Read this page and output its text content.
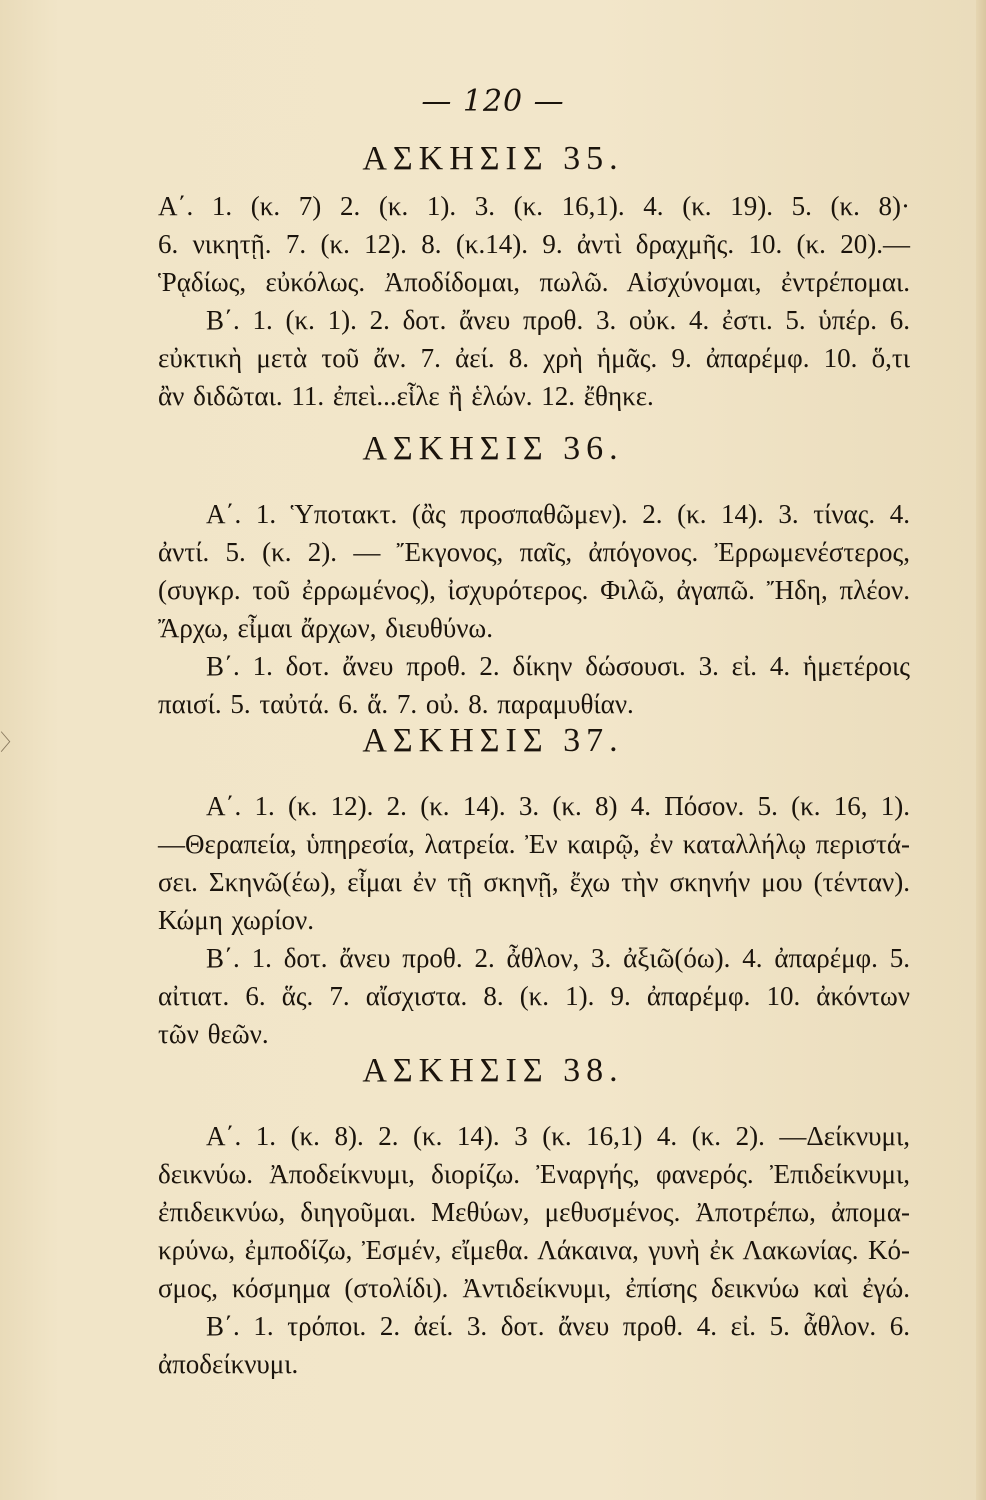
〉
— 120 —
ΑΣΚΗΣΙΣ 35.
Α΄. 1. (κ. 7) 2. (κ. 1). 3. (κ. 16,1). 4. (κ. 19). 5. (κ. 8)·
6. νικητῇ. 7. (κ. 12). 8. (κ.14). 9. ἀντὶ δραχμῆς. 10. (κ. 20).—
Ῥᾳδίως, εὐκόλως. Ἀποδίδομαι, πωλῶ. Αἰσχύνομαι, ἐντρέπομαι.
Β΄. 1. (κ. 1). 2. δοτ. ἄνευ προθ. 3. οὐκ. 4. ἐστι. 5. ὑπέρ. 6.
εὐκτικὴ μετὰ τοῦ ἄν. 7. ἀεί. 8. χρὴ ἡμᾶς. 9. ἀπαρέμφ. 10. ὅ,τι
ἂν διδῶται. 11. ἐπεὶ...εἷλε ἢ ἑλών. 12. ἔθηκε.
ΑΣΚΗΣΙΣ 36.
Α΄. 1. Ὑποτακτ. (ἂς προσπαθῶμεν). 2. (κ. 14). 3. τίνας. 4.
ἀντί. 5. (κ. 2). — Ἔκγονος, παῖς, ἀπόγονος. Ἐρρωμενέστερος,
(συγκρ. τοῦ ἐρρωμένος), ἰσχυρότερος. Φιλῶ, ἀγαπῶ. Ἤδη, πλέον.
Ἄρχω, εἶμαι ἄρχων, διευθύνω.
Β΄. 1. δοτ. ἄνευ προθ. 2. δίκην δώσουσι. 3. εἰ. 4. ἡμετέροις
παισί. 5. ταὐτά. 6. ἅ. 7. οὐ. 8. παραμυθίαν.
ΑΣΚΗΣΙΣ 37.
Α΄. 1. (κ. 12). 2. (κ. 14). 3. (κ. 8) 4. Πόσον. 5. (κ. 16, 1).
—Θεραπεία, ὑπηρεσία, λατρεία. Ἐν καιρῷ, ἐν καταλλήλῳ περιστά-
σει. Σκηνῶ(έω), εἶμαι ἐν τῇ σκηνῇ, ἔχω τὴν σκηνήν μου (τένταν).
Κώμη χωρίον.
Β΄. 1. δοτ. ἄνευ προθ. 2. ἆθλον, 3. ἀξιῶ(όω). 4. ἀπαρέμφ. 5.
αἰτιατ. 6. ἅς. 7. αἴσχιστα. 8. (κ. 1). 9. ἀπαρέμφ. 10. ἀκόντων
τῶν θεῶν.
ΑΣΚΗΣΙΣ 38.
Α΄. 1. (κ. 8). 2. (κ. 14). 3 (κ. 16,1) 4. (κ. 2). —Δείκνυμι,
δεικνύω. Ἀποδείκνυμι, διορίζω. Ἐναργής, φανερός. Ἐπιδείκνυμι,
ἐπιδεικνύω, διηγοῦμαι. Μεθύων, μεθυσμένος. Ἀποτρέπω, ἀπομα-
κρύνω, ἐμποδίζω, Ἐσμέν, εἴμεθα. Λάκαινα, γυνὴ ἐκ Λακωνίας. Κό-
σμος, κόσμημα (στολίδι). Ἀντιδείκνυμι, ἐπίσης δεικνύω καὶ ἐγώ.
Β΄. 1. τρόποι. 2. ἀεί. 3. δοτ. ἄνευ προθ. 4. εἰ. 5. ἆθλον. 6.
ἀποδείκνυμι.
